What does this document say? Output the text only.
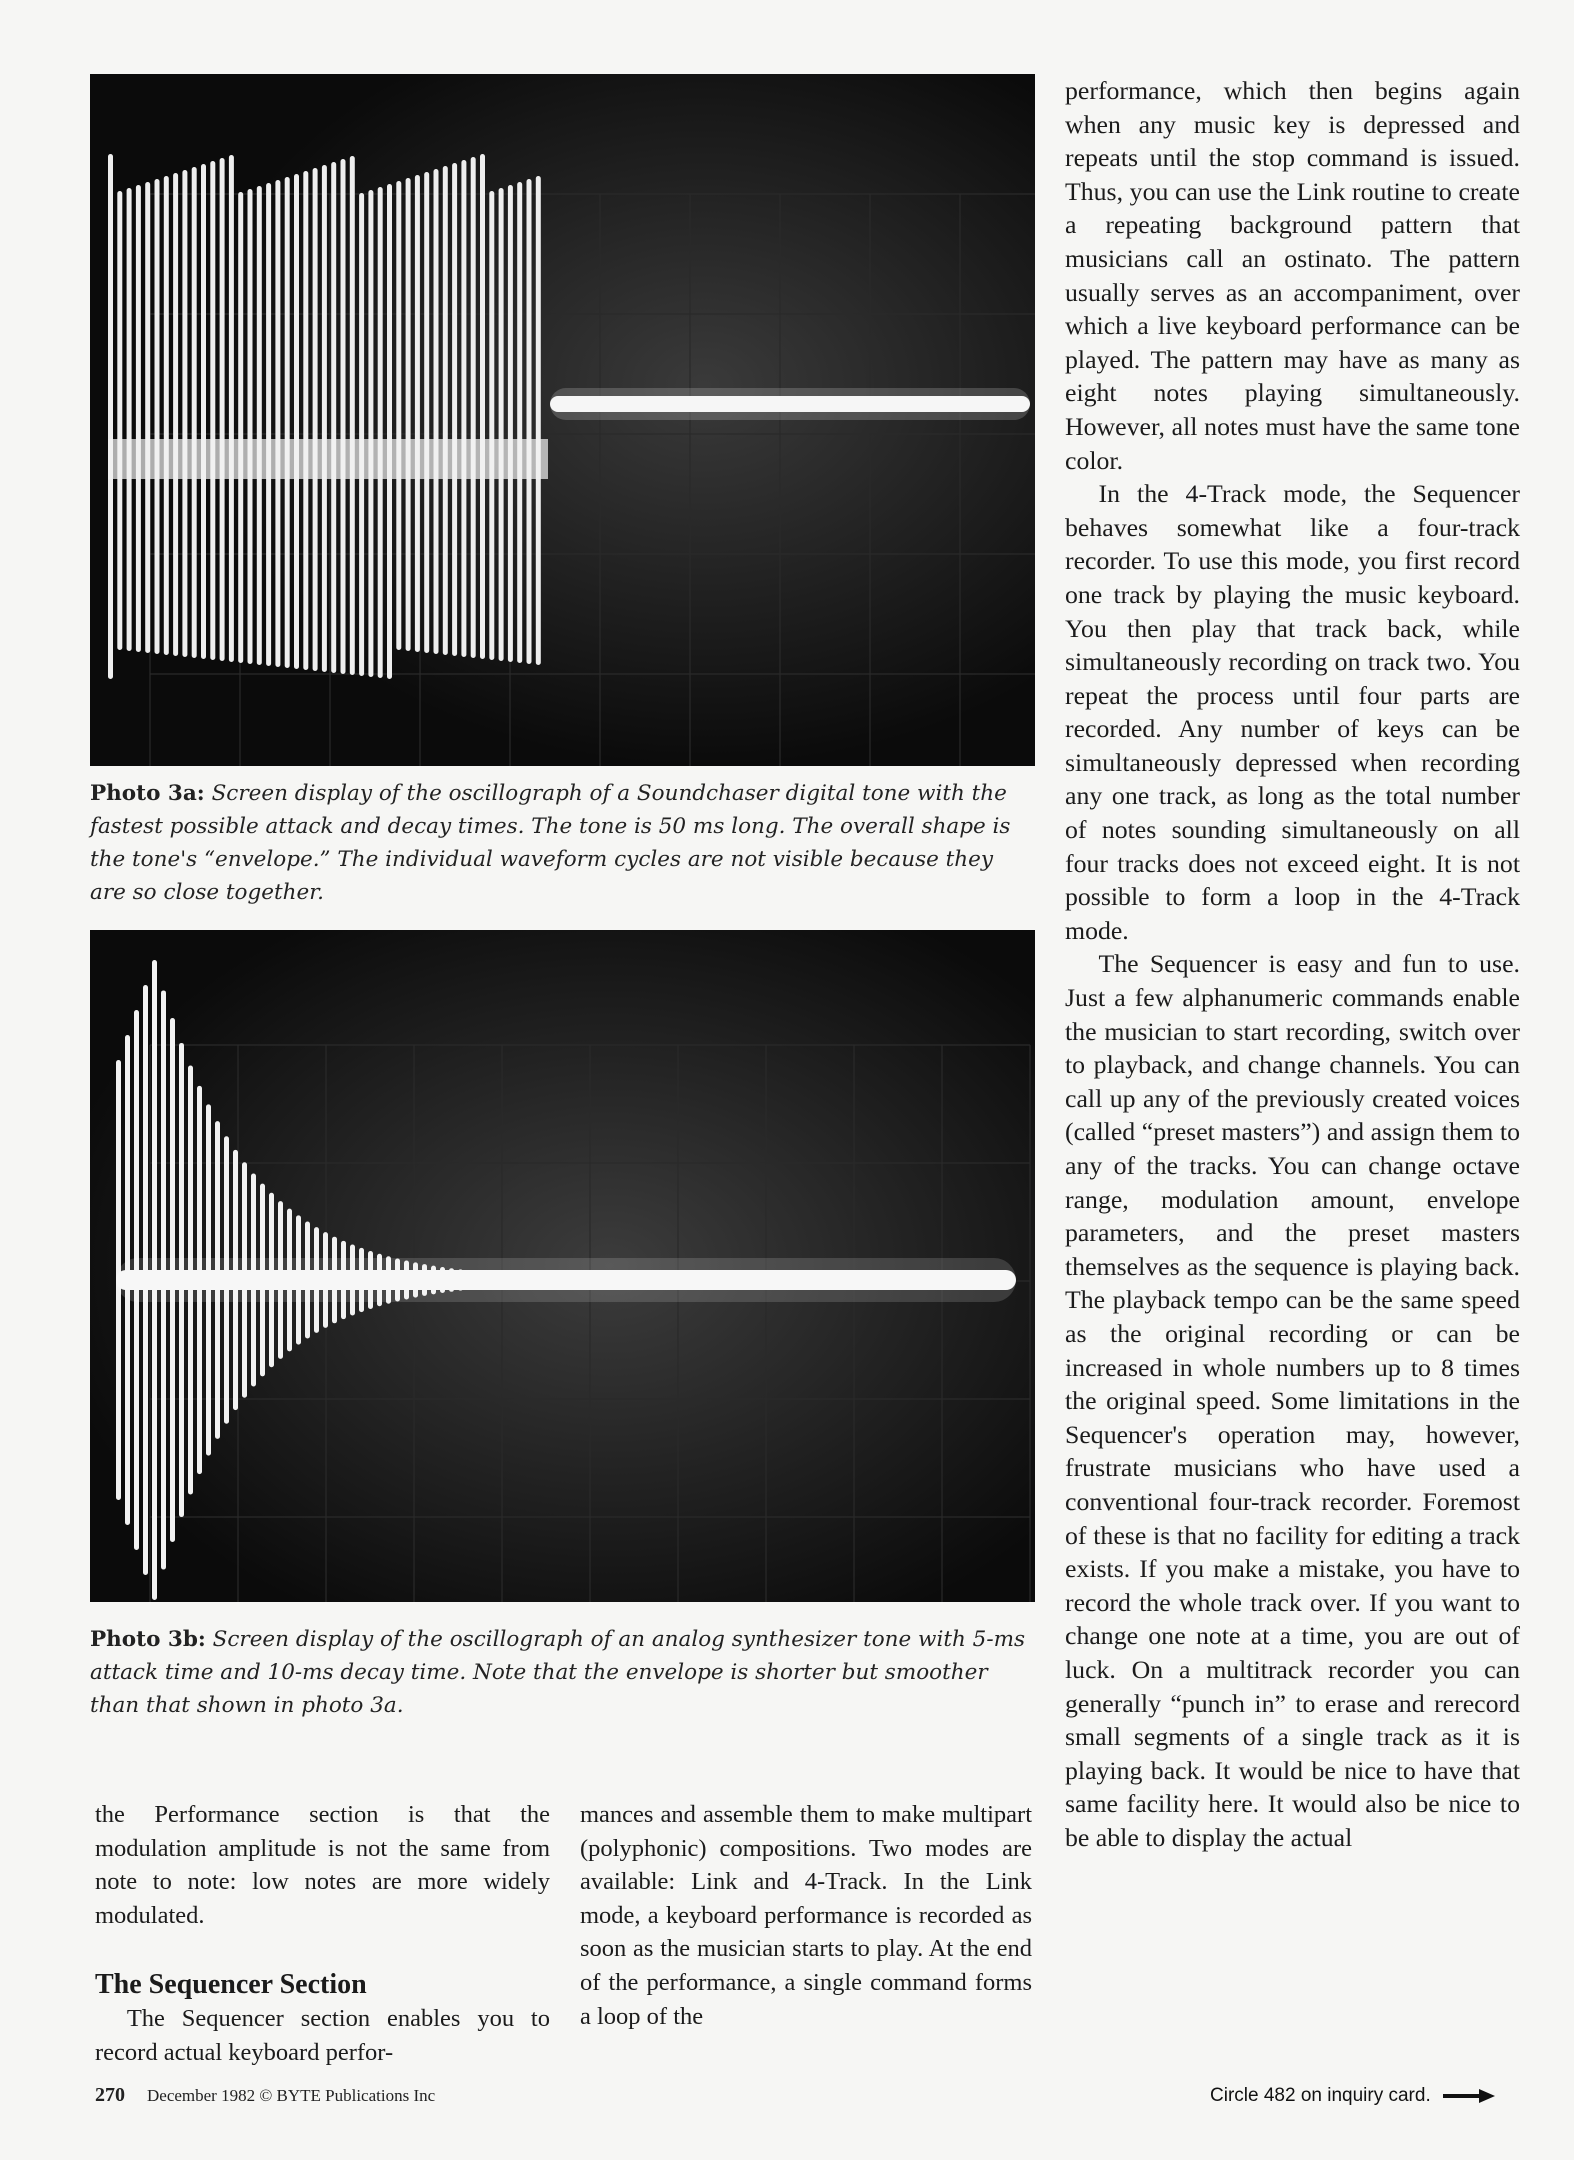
Photo 3a: Screen display of the oscillograph of a Soundchaser digital tone with the fastest possible attack and decay times. The tone is 50 ms long. The overall shape is the tone's “envelope.” The individual waveform cycles are not visible because they are so close together.
Photo 3b: Screen display of the oscillograph of an analog synthesizer tone with 5-ms attack time and 10-ms decay time. Note that the envelope is shorter but smoother than that shown in photo 3a.

the Performance section is that the modulation amplitude is not the same from note to note: low notes are more widely modulated.

The Sequencer Section

The Sequencer section enables you to record actual keyboard perfor-

mances and assemble them to make multipart (polyphonic) compositions. Two modes are available: Link and 4-Track. In the Link mode, a keyboard performance is recorded as soon as the musician starts to play. At the end of the performance, a single command forms a loop of the

performance, which then begins again when any music key is depressed and repeats until the stop command is issued. Thus, you can use the Link routine to create a repeating background pattern that musicians call an ostinato. The pattern usually serves as an accompaniment, over which a live keyboard performance can be played. The pattern may have as many as eight notes playing simultaneously. However, all notes must have the same tone color.

In the 4-Track mode, the Sequencer behaves somewhat like a four-track recorder. To use this mode, you first record one track by playing the music keyboard. You then play that track back, while simultaneously recording on track two. You repeat the process until four parts are recorded. Any number of keys can be simultaneously depressed when recording any one track, as long as the total number of notes sounding simultaneously on all four tracks does not exceed eight. It is not possible to form a loop in the 4-Track mode.

The Sequencer is easy and fun to use. Just a few alphanumeric commands enable the musician to start recording, switch over to playback, and change channels. You can call up any of the previously created voices (called “preset masters”) and assign them to any of the tracks. You can change octave range, modulation amount, envelope parameters, and the preset masters themselves as the sequence is playing back. The playback tempo can be the same speed as the original recording or can be increased in whole numbers up to 8 times the original speed. Some limitations in the Sequencer's operation may, however, frustrate musicians who have used a conventional four-track recorder. Foremost of these is that no facility for editing a track exists. If you make a mistake, you have to record the whole track over. If you want to change one note at a time, you are out of luck. On a multitrack recorder you can generally “punch in” to erase and rerecord small segments of a single track as it is playing back. It would be nice to have that same facility here. It would also be nice to be able to display the actual

270 December 1982 © BYTE Publications Inc	Circle 482 on inquiry card.
